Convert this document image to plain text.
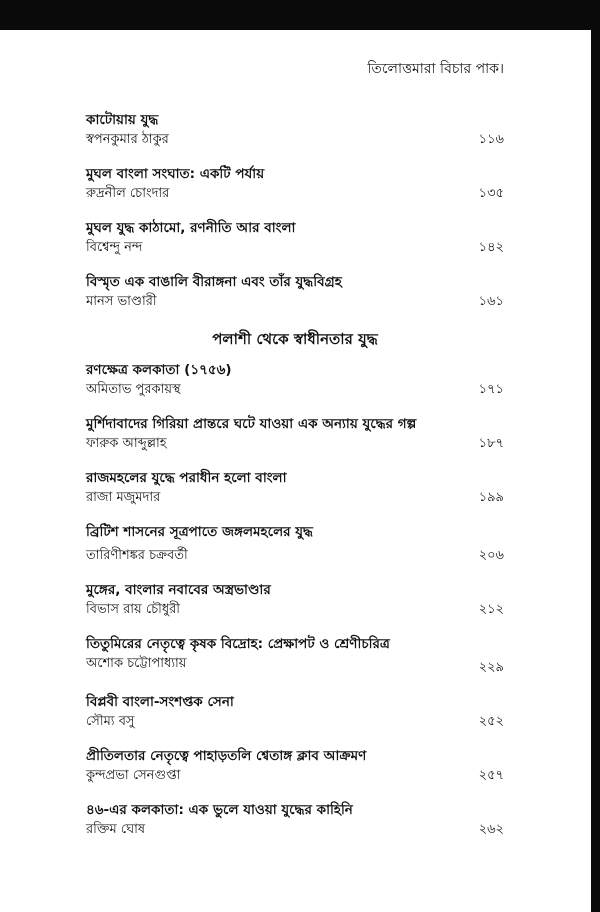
তিলোত্তমারা বিচার পাক।
কাটোয়ায় যুদ্ধ
স্বপনকুমার ঠাকুর	১১৬
মুঘল বাংলা সংঘাত: একটি পর্যায়
রুদ্রনীল চোংদার	১৩৫
মুঘল যুদ্ধ কাঠামো, রণনীতি আর বাংলা
বিশ্বেন্দু নন্দ	১৪২
বিস্মৃত এক বাঙালি বীরাঙ্গনা এবং তাঁর যুদ্ধবিগ্রহ
মানস ভাণ্ডারী	১৬১
পলাশী থেকে স্বাধীনতার যুদ্ধ
রণক্ষেত্র কলকাতা (১৭৫৬)
অমিতাভ পুরকায়স্থ	১৭১
মুর্শিদাবাদের গিরিয়া প্রান্তরে ঘটে যাওয়া এক অন্যায় যুদ্ধের গল্প
ফারুক আব্দুল্লাহ	১৮৭
রাজমহলের যুদ্ধে পরাধীন হলো বাংলা
রাজা মজুমদার	১৯৯
ব্রিটিশ শাসনের সূত্রপাতে জঙ্গলমহলের যুদ্ধ
তারিণীশঙ্কর চক্রবর্তী	২০৬
মুঙ্গের, বাংলার নবাবের অস্ত্রভাণ্ডার
বিভাস রায় চৌধুরী	২১২
তিতুমিরের নেতৃত্বে কৃষক বিদ্রোহ: প্রেক্ষাপট ও শ্রেণীচরিত্র
অশোক চট্টোপাধ্যায়	২২৯
বিপ্লবী বাংলা-সংশপ্তক সেনা
সৌম্য বসু	২৫২
প্রীতিলতার নেতৃত্বে পাহাড়তলি শ্বেতাঙ্গ ক্লাব আক্রমণ
কুন্দপ্রভা সেনগুপ্তা	২৫৭
৪৬-এর কলকাতা: এক ভুলে যাওয়া যুদ্ধের কাহিনি
রক্তিম ঘোষ	২৬২
